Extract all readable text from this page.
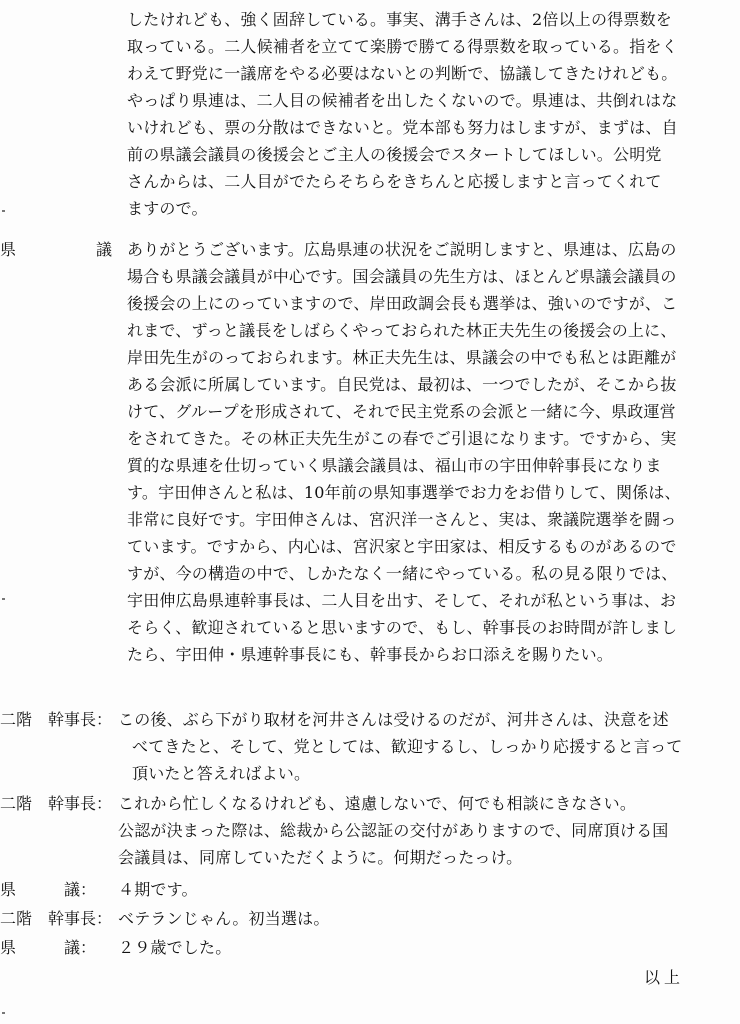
したけれども、強く固辞している。事実、溝手さんは、2倍以上の得票数を
取っている。二人候補者を立てて楽勝で勝てる得票数を取っている。指をく
わえて野党に一議席をやる必要はないとの判断で、協議してきたけれども。
やっぱり県連は、二人目の候補者を出したくないので。県連は、共倒れはな
いけれども、票の分散はできないと。党本部も努力はしますが、まずは、自
前の県議会議員の後援会とご主人の後援会でスタートしてほしい。公明党
さんからは、二人目がでたらそちらをきちんと応援しますと言ってくれて
ますので。
県　　　議 ありがとうございます。広島県連の状況をご説明しますと、県連は、広島の
場合も県議会議員が中心です。国会議員の先生方は、ほとんど県議会議員の
後援会の上にのっていますので、岸田政調会長も選挙は、強いのですが、こ
れまで、ずっと議長をしばらくやっておられた林正夫先生の後援会の上に、
岸田先生がのっておられます。林正夫先生は、県議会の中でも私とは距離が
ある会派に所属しています。自民党は、最初は、一つでしたが、そこから抜
けて、グループを形成されて、それで民主党系の会派と一緒に今、県政運営
をされてきた。その林正夫先生がこの春でご引退になります。ですから、実
質的な県連を仕切っていく県議会議員は、福山市の宇田伸幹事長になりま
す。宇田伸さんと私は、10年前の県知事選挙でお力をお借りして、関係は、
非常に良好です。宇田伸さんは、宮沢洋一さんと、実は、衆議院選挙を闘っ
ています。ですから、内心は、宮沢家と宇田家は、相反するものがあるので
すが、今の構造の中で、しかたなく一緒にやっている。私の見る限りでは、
宇田伸広島県連幹事長は、二人目を出す、そして、それが私という事は、お
そらく、歓迎されていると思いますので、もし、幹事長のお時間が許しまし
たら、宇田伸・県連幹事長にも、幹事長からお口添えを賜りたい。
二階　幹事長： この後、ぶら下がり取材を河井さんは受けるのだが、河井さんは、決意を述
べてきたと、そして、党としては、歓迎するし、しっかり応援すると言って
頂いたと答えればよい。
二階　幹事長： これから忙しくなるけれども、遠慮しないで、何でも相談にきなさい。
公認が決まった際は、総裁から公認証の交付がありますので、同席頂ける国
会議員は、同席していただくように。何期だったっけ。
県　　　議：	４期です。
二階　幹事長： ベテランじゃん。初当選は。
県　　　議：	２９歳でした。
以上
